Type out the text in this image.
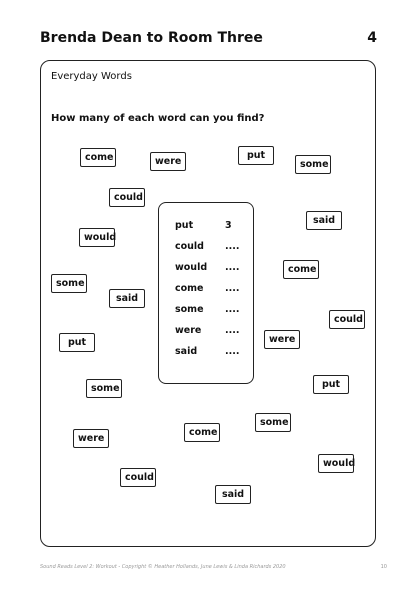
Brenda Dean to Room Three	4
Everyday Words
How many of each word can you find?
come	were
put
some
could
said
would
come
some
said
could
were
put
put
some
some
were
come
could
would
said
put	3
could ....
would ....
come ....
some ....
were ....
said	....
Sound Reads Level 2: Workout - Copyright © Heather Hollands, June Lewis & Linda Richards 2020	10
